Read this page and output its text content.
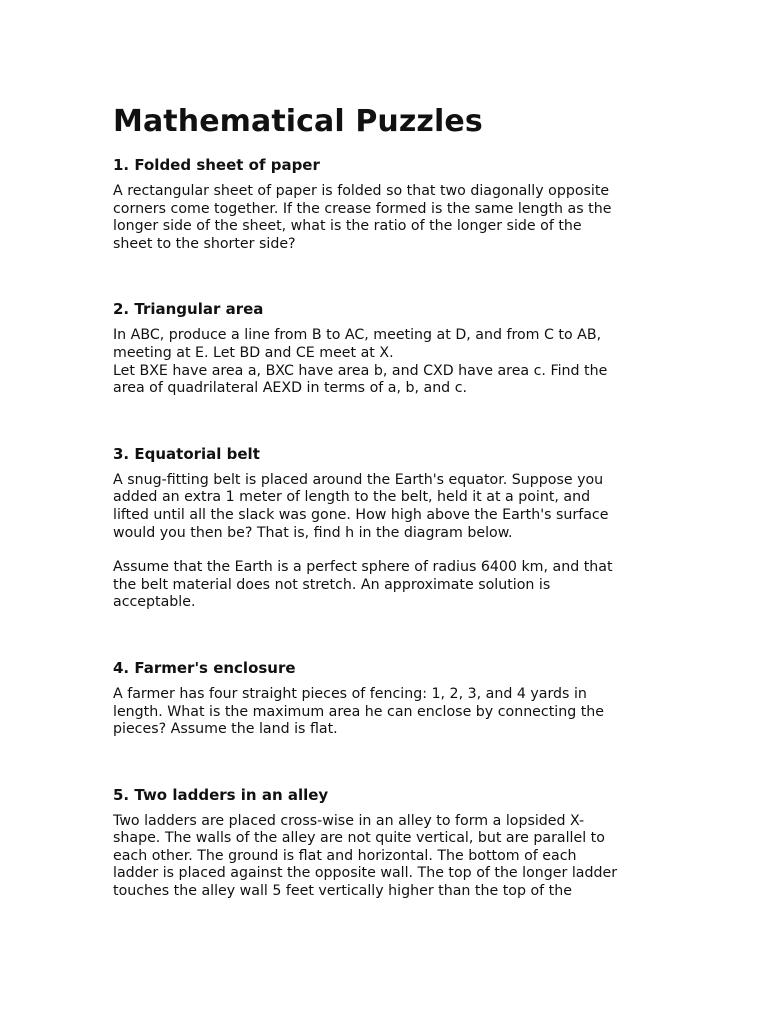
Mathematical Puzzles
1. Folded sheet of paper

A rectangular sheet of paper is folded so that two diagonally opposite
corners come together. If the crease formed is the same length as the
longer side of the sheet, what is the ratio of the longer side of the
sheet to the shorter side?

2. Triangular area

In ABC, produce a line from B to AC, meeting at D, and from C to AB,
meeting at E. Let BD and CE meet at X.
Let BXE have area a, BXC have area b, and CXD have area c. Find the
area of quadrilateral AEXD in terms of a, b, and c.

3. Equatorial belt

A snug-fitting belt is placed around the Earth's equator. Suppose you
added an extra 1 meter of length to the belt, held it at a point, and
lifted until all the slack was gone. How high above the Earth's surface
would you then be? That is, find h in the diagram below.

Assume that the Earth is a perfect sphere of radius 6400 km, and that
the belt material does not stretch. An approximate solution is
acceptable.

4. Farmer's enclosure

A farmer has four straight pieces of fencing: 1, 2, 3, and 4 yards in
length. What is the maximum area he can enclose by connecting the
pieces? Assume the land is flat.

5. Two ladders in an alley

Two ladders are placed cross-wise in an alley to form a lopsided X-
shape. The walls of the alley are not quite vertical, but are parallel to
each other. The ground is flat and horizontal. The bottom of each
ladder is placed against the opposite wall. The top of the longer ladder
touches the alley wall 5 feet vertically higher than the top of the
